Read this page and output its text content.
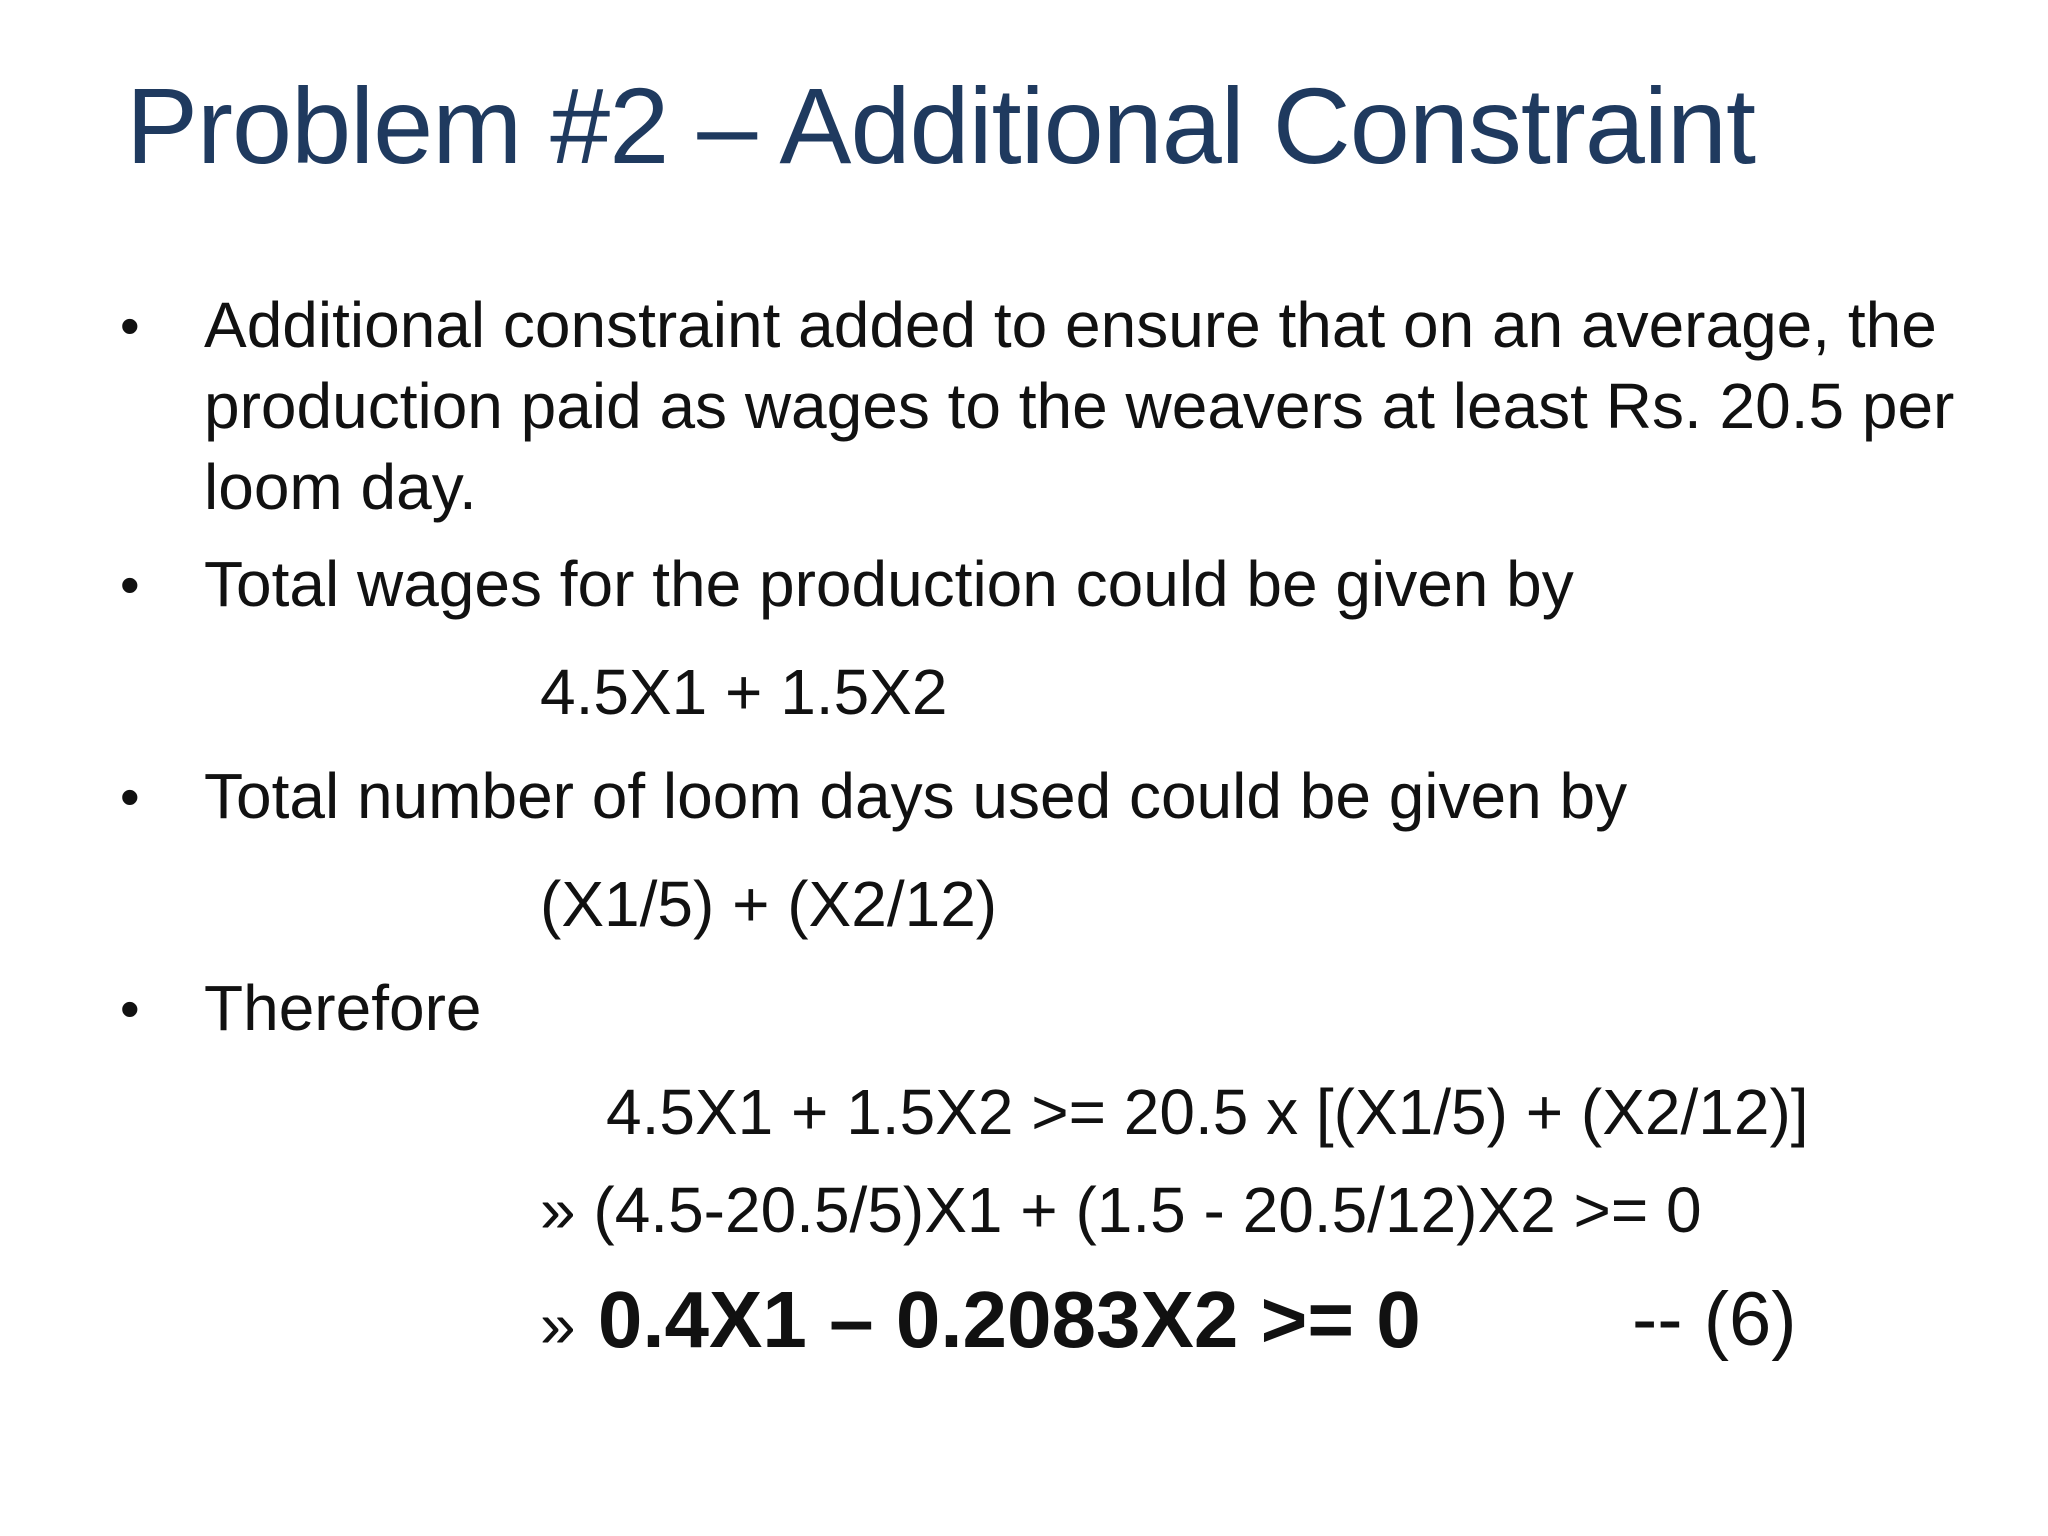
Problem #2 – Additional Constraint
•	Additional constraint added to ensure that on an average, the production paid as wages to the weavers at least Rs. 20.5 per loom day.
•	Total wages for the production could be given by
4.5X1 + 1.5X2
•	Total number of loom days used could be given by
(X1/5) + (X2/12)
•	Therefore
4.5X1 + 1.5X2 >= 20.5 x [(X1/5) + (X2/12)]
» (4.5-20.5/5)X1 + (1.5 - 20.5/12)X2 >= 0
» 0.4X1 – 0.2083X2 >= 0	-- (6)
